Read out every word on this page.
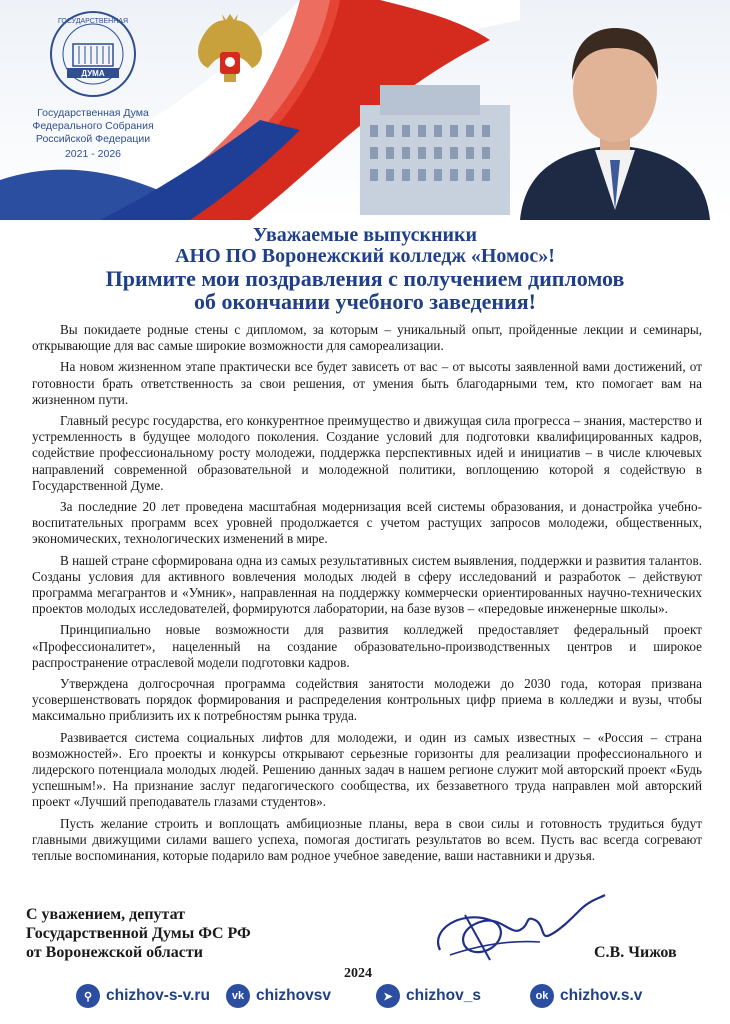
ГОСУДАРСТВЕННАЯ
ДУМА
Государственная Дума
Федерального Собрания
Российской Федерации
2021 - 2026
Уважаемые выпускники
АНО ПО Воронежский колледж «Номос»!
Примите мои поздравления с получением дипломов
об окончании учебного заведения!

Вы покидаете родные стены с дипломом, за которым – уникальный опыт, пройденные лекции и семинары, открывающие для вас самые широкие возможности для самореализации.

На новом жизненном этапе практически все будет зависеть от вас – от высоты заявленной вами достижений, от готовности брать ответственность за свои решения, от умения быть благодарными тем, кто помогает вам на жизненном пути.

Главный ресурс государства, его конкурентное преимущество и движущая сила прогресса – знания, мастерство и устремленность в будущее молодого поколения. Создание условий для подготовки квалифицированных кадров, содействие профессиональному росту молодежи, поддержка перспективных идей и инициатив – в числе ключевых направлений современной образовательной и молодежной политики, воплощению которой я содействую в Государственной Думе.

За последние 20 лет проведена масштабная модернизация всей системы образования, и донастройка учебно-воспитательных программ всех уровней продолжается с учетом растущих запросов молодежи, общественных, экономических, технологических изменений в мире.

В нашей стране сформирована одна из самых результативных систем выявления, поддержки и развития талантов. Созданы условия для активного вовлечения молодых людей в сферу исследований и разработок – действуют программа мегагрантов и «Умник», направленная на поддержку коммерчески ориентированных научно-технических проектов молодых исследователей, формируются лаборатории, на базе вузов – «передовые инженерные школы».

Принципиально новые возможности для развития колледжей предоставляет федеральный проект «Профессионалитет», нацеленный на создание образовательно-производственных центров и широкое распространение отраслевой модели подготовки кадров.

Утверждена долгосрочная программа содействия занятости молодежи до 2030 года, которая призвана усовершенствовать порядок формирования и распределения контрольных цифр приема в колледжи и вузы, чтобы максимально приблизить их к потребностям рынка труда.

Развивается система социальных лифтов для молодежи, и один из самых известных – «Россия – страна возможностей». Его проекты и конкурсы открывают серьезные горизонты для реализации профессионального и лидерского потенциала молодых людей. Решению данных задач в нашем регионе служит мой авторский проект «Будь успешным!». На признание заслуг педагогического сообщества, их беззаветного труда направлен мой авторский проект «Лучший преподаватель глазами студентов».

Пусть желание строить и воплощать амбициозные планы, вера в свои силы и готовность трудиться будут главными движущими силами вашего успеха, помогая достигать результатов во всем. Пусть вас всегда согревают теплые воспоминания, которые подарило вам родное учебное заведение, ваши наставники и друзья.

С уважением, депутат
Государственной Думы ФС РФ
от Воронежской области	С.В. Чижов
2024
⚲ chizhov-s-v.ru	vk chizhovsv	➤ chizhov_s	ok chizhov.s.v
